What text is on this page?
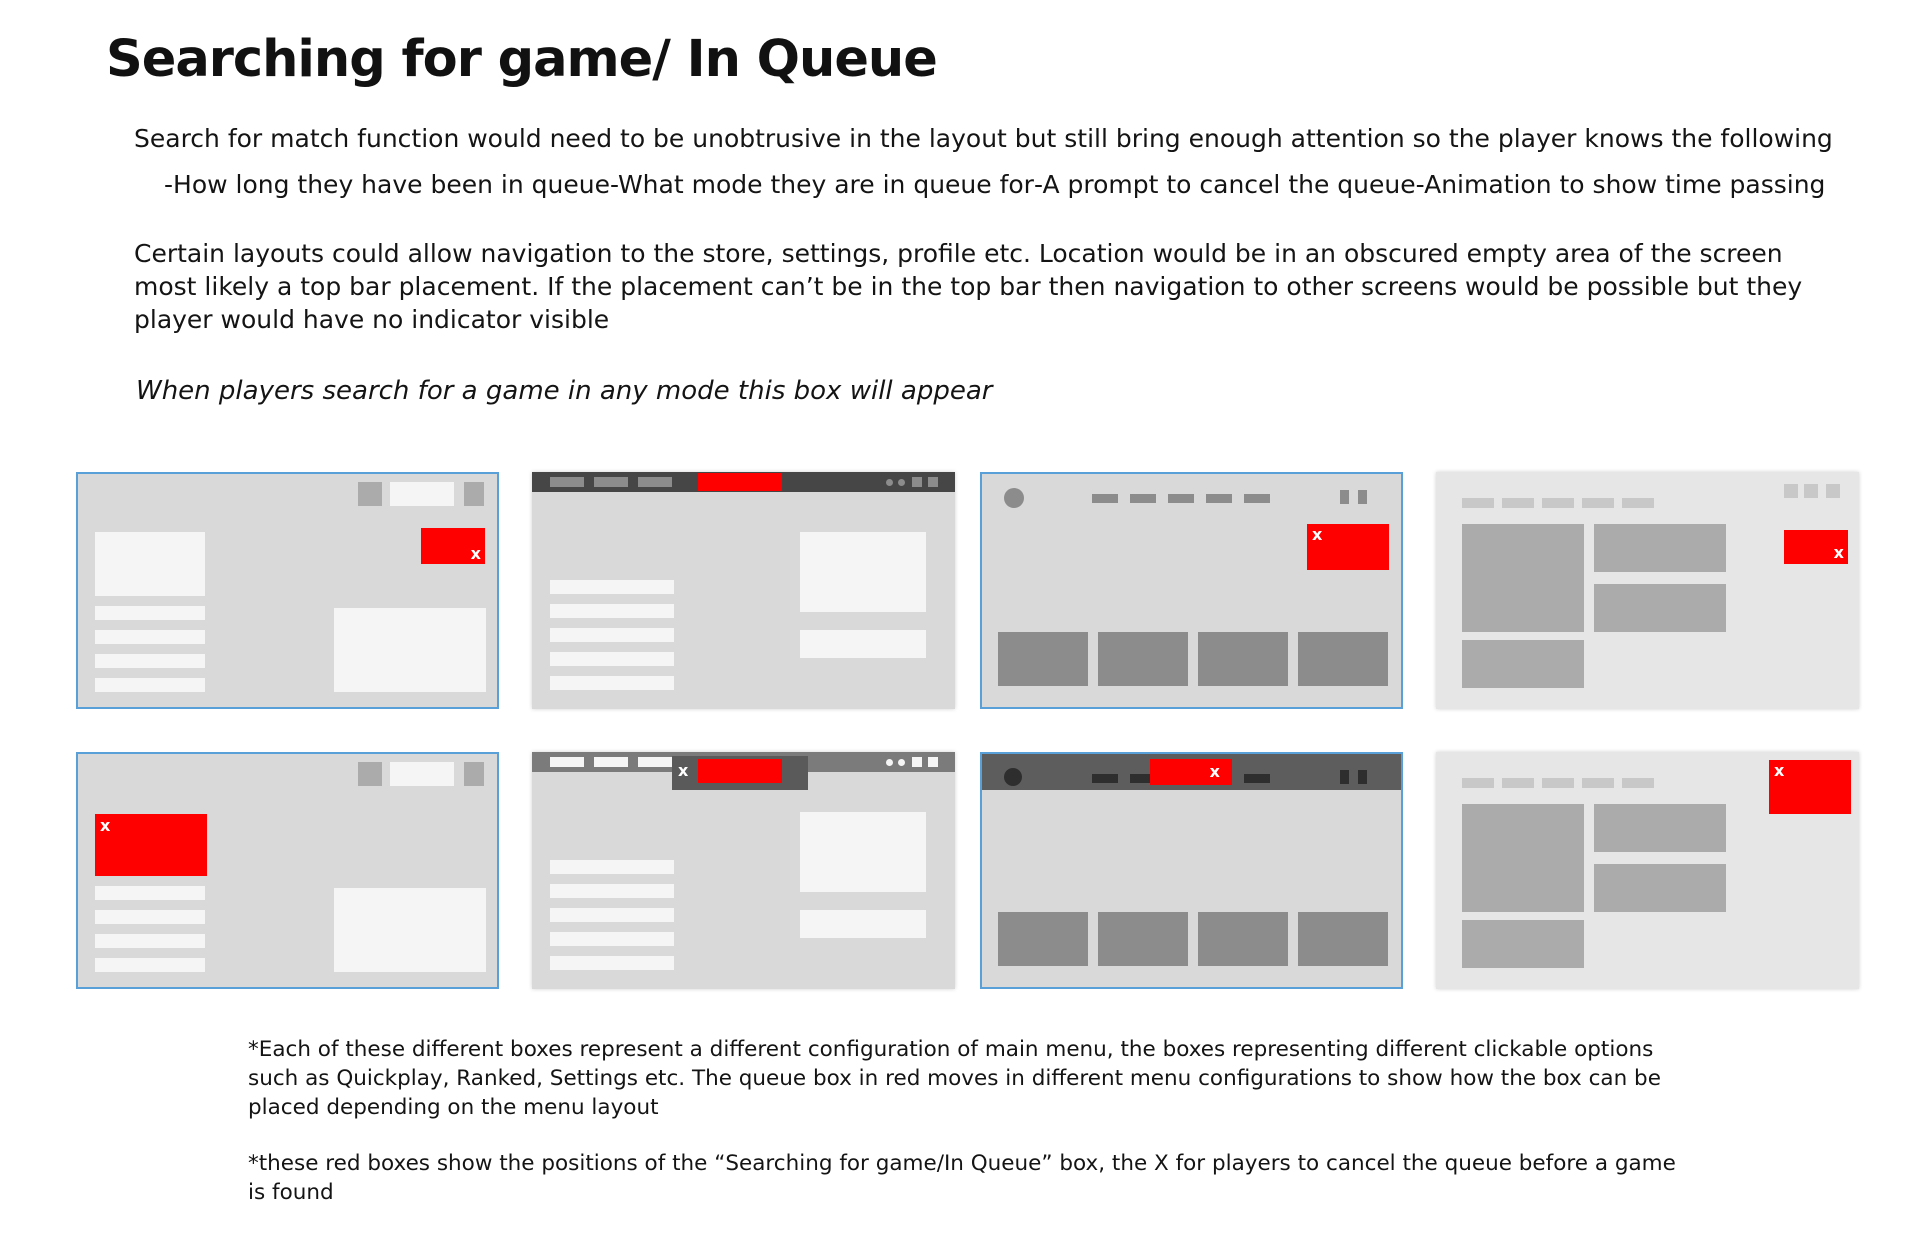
Searching for game/ In Queue
Search for match function would need to be unobtrusive in the layout but still bring enough attention so the player knows the following
-How long they have been in queue -What mode they are in queue for -A prompt to cancel the queue -Animation to show time passing
Certain layouts could allow navigation to the store, settings, profile etc. Location would be in an obscured empty area of the screen most likely a top bar placement. If the placement can’t be in the top bar then navigation to other screens would be possible but they player would have no indicator visible
When players search for a game in any mode this box will appear
x
x
x
x
x	x	x
*Each of these different boxes represent a different configuration of main menu, the boxes representing different clickable options such as Quickplay, Ranked, Settings etc. The queue box in red moves in different menu configurations to show how the box can be placed depending on the menu layout
*these red boxes show the positions of the “Searching for game/In Queue” box, the X for players to cancel the queue before a game is found
